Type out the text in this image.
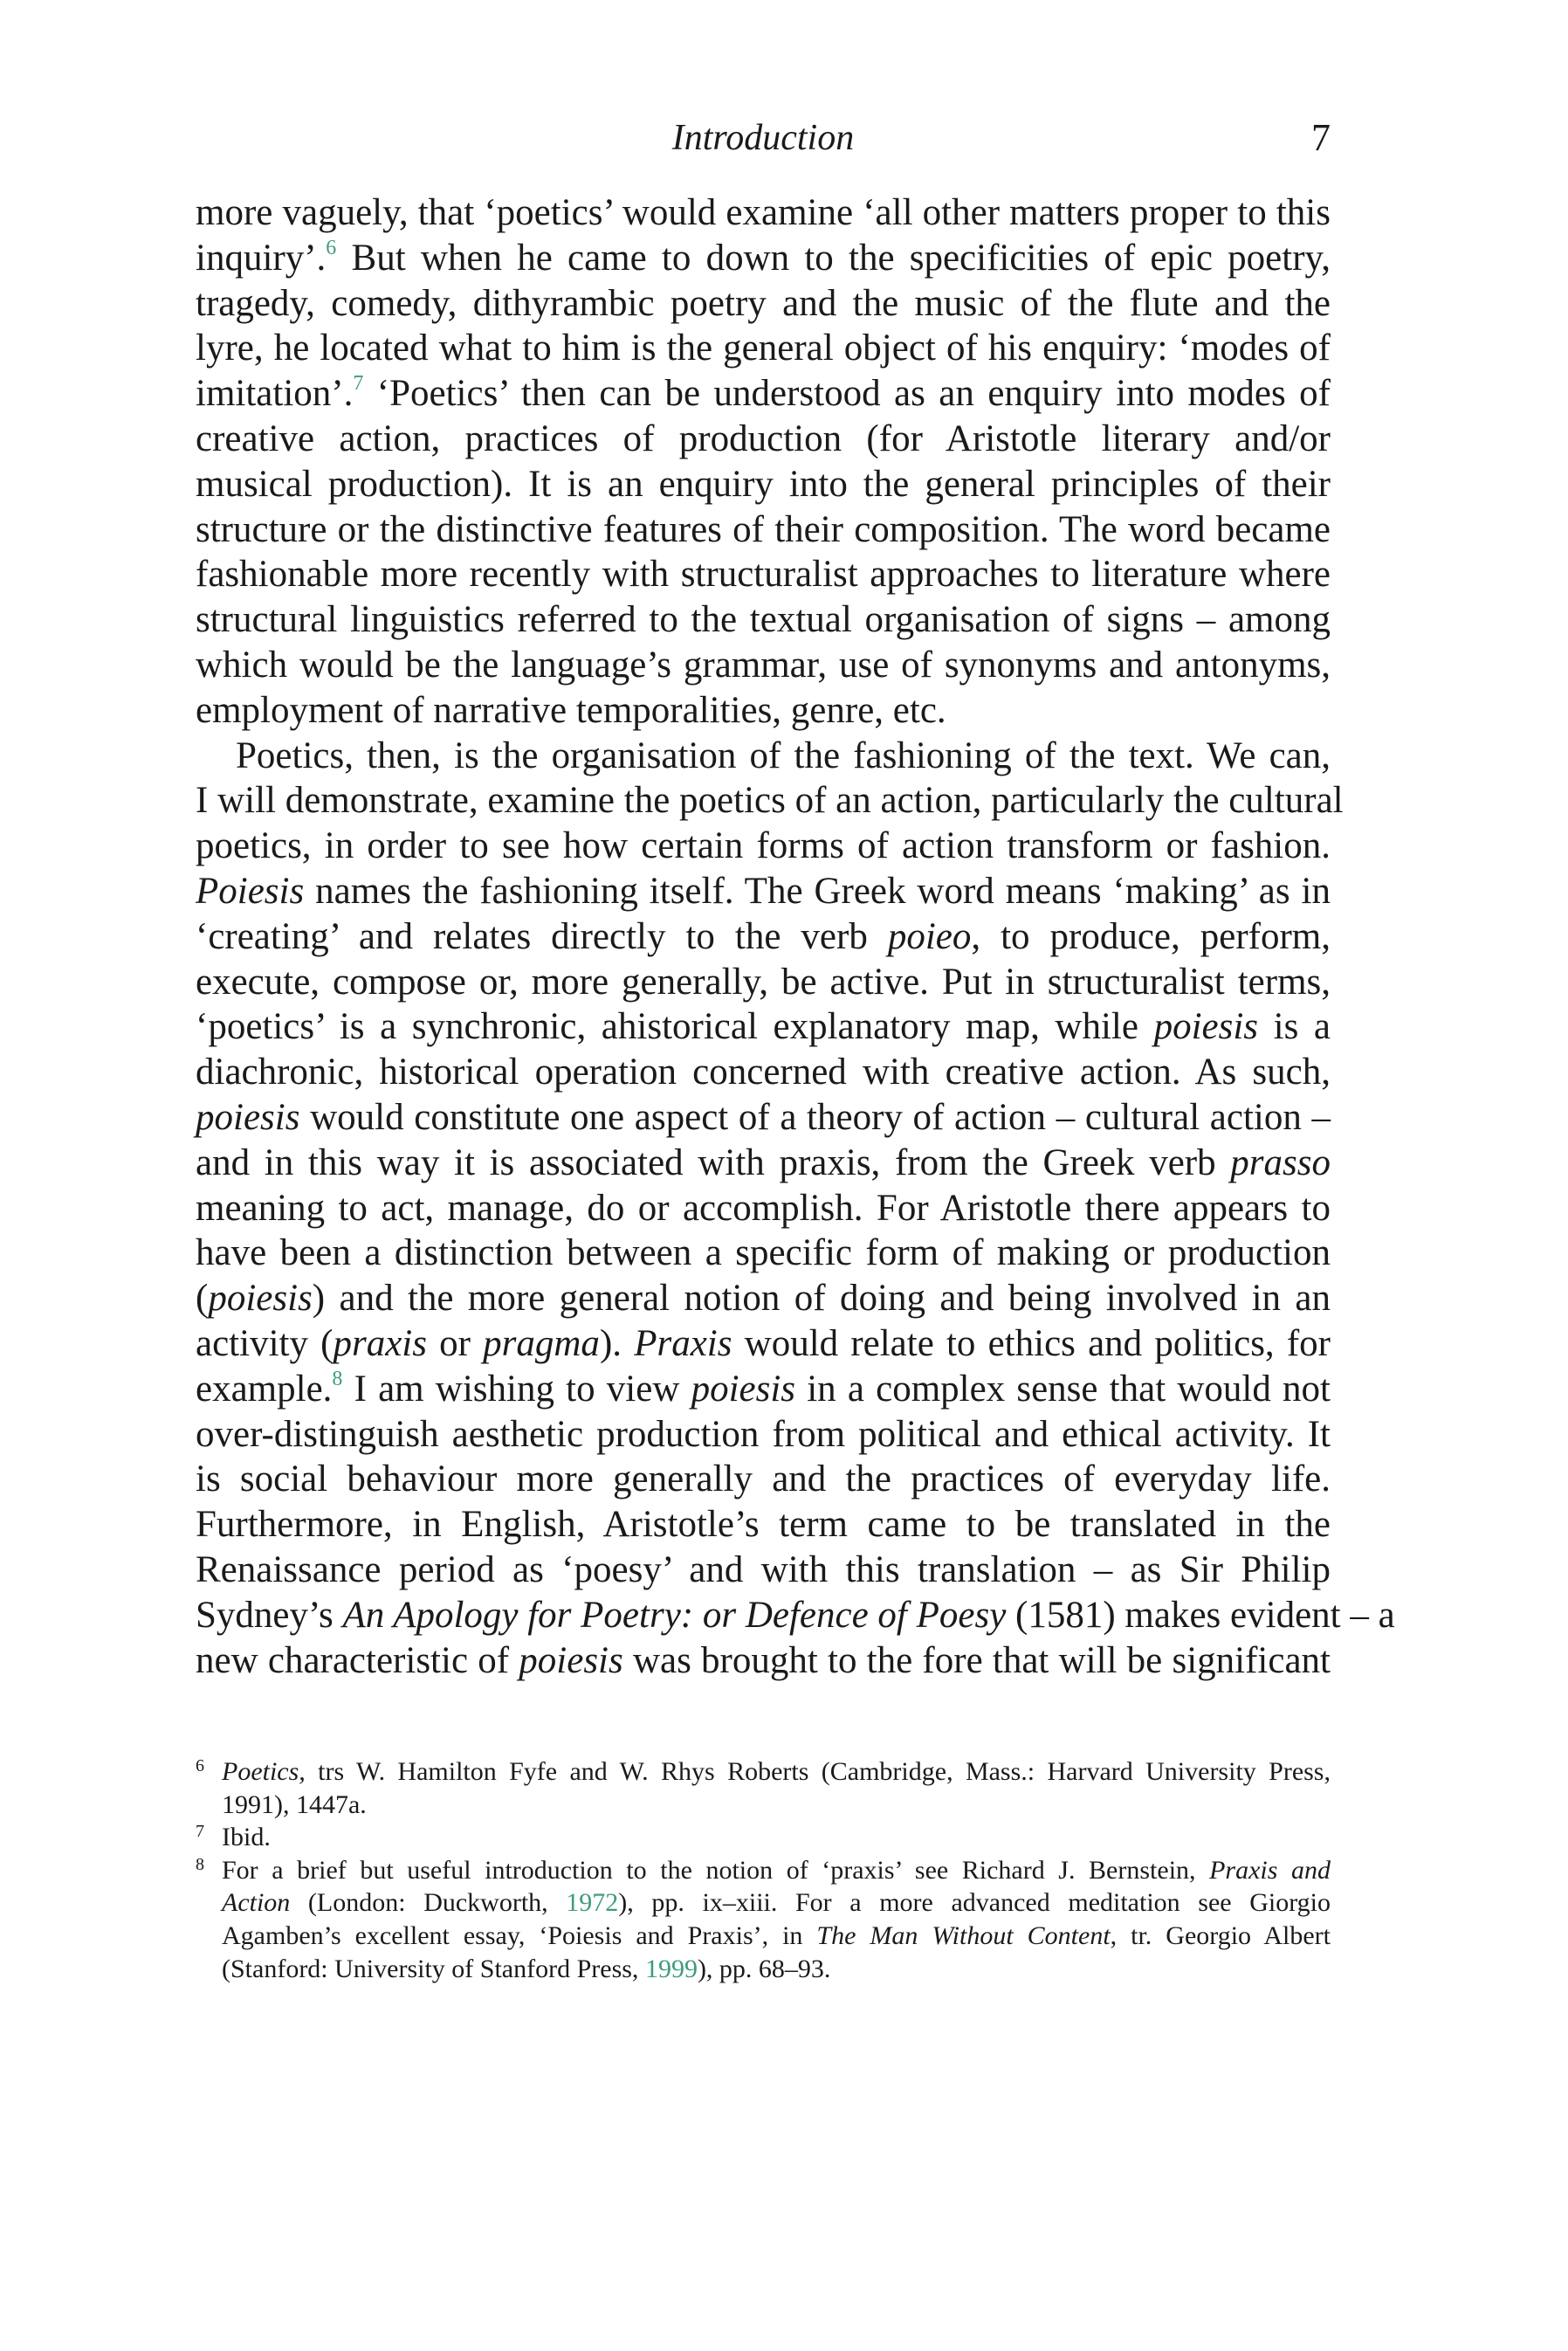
Introduction	7
more vaguely, that ‘poetics’ would examine ‘all other matters proper to this
inquiry’.$^6$ But when he came to down to the specificities of epic poetry,
tragedy, comedy, dithyrambic poetry and the music of the flute and the
lyre, he located what to him is the general object of his enquiry: ‘modes of
imitation’.$^7$ ‘Poetics’ then can be understood as an enquiry into modes of
creative action, practices of production (for Aristotle literary and/or
musical production). It is an enquiry into the general principles of their
structure or the distinctive features of their composition. The word became
fashionable more recently with structuralist approaches to literature where
structural linguistics referred to the textual organisation of signs – among
which would be the language’s grammar, use of synonyms and antonyms,
employment of narrative temporalities, genre, etc.
Poetics, then, is the organisation of the fashioning of the text. We can,
I will demonstrate, examine the poetics of an action, particularly the cultural
poetics, in order to see how certain forms of action transform or fashion.
Poiesis names the fashioning itself. The Greek word means ‘making’ as in
‘creating’ and relates directly to the verb poieo, to produce, perform,
execute, compose or, more generally, be active. Put in structuralist terms,
‘poetics’ is a synchronic, ahistorical explanatory map, while poiesis is a
diachronic, historical operation concerned with creative action. As such,
poiesis would constitute one aspect of a theory of action – cultural action –
and in this way it is associated with praxis, from the Greek verb prasso
meaning to act, manage, do or accomplish. For Aristotle there appears to
have been a distinction between a specific form of making or production
(poiesis) and the more general notion of doing and being involved in an
activity (praxis or pragma). Praxis would relate to ethics and politics, for
example.$^8$ I am wishing to view poiesis in a complex sense that would not
over-distinguish aesthetic production from political and ethical activity. It
is social behaviour more generally and the practices of everyday life.
Furthermore, in English, Aristotle’s term came to be translated in the
Renaissance period as ‘poesy’ and with this translation – as Sir Philip
Sydney’s An Apology for Poetry: or Defence of Poesy (1581) makes evident – a
new characteristic of poiesis was brought to the fore that will be significant
6 Poetics, trs W. Hamilton Fyfe and W. Rhys Roberts (Cambridge, Mass.: Harvard University Press,
1991), 1447a.
7 Ibid.
8 For a brief but useful introduction to the notion of ‘praxis’ see Richard J. Bernstein, Praxis and
Action (London: Duckworth, 1972), pp. ix–xiii. For a more advanced meditation see Giorgio
Agamben’s excellent essay, ‘Poiesis and Praxis’, in The Man Without Content, tr. Georgio Albert
(Stanford: University of Stanford Press, 1999), pp. 68–93.
